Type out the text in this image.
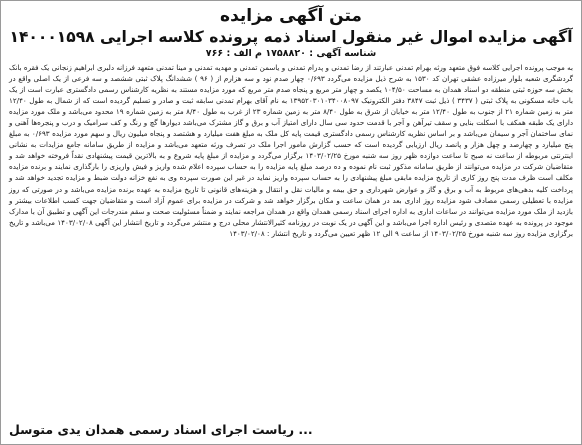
متن آگهی مزایده
آگهی مزایده اموال غیر منقول اسناد ذمه پرونده کلاسه اجرایی ۱۴۰۰۰۱۵۹۸
شناسه آگهی : ۱۷۵۸۸۲۰ م الف : ۷۶۶

به موجب پرونده اجرایی کلاسه فوق متعهد ورثه بهرام تمدنی عبارتند از رضا تمدنی و پدرام تمدنی و یاسمن تمدنی و مهدیه تمدنی و مینا تمدنی متعهد فرزانه دلبری ابراهیم زنجانی یک فقره بانک گردشگری شعبه بلوار میرزاده عشقی تهران کد ۱۵۳۰ به شرح ذیل مزایده می‌گردد ۰/۶۹۳ چهار صدم نود و سه هزارم از ( ۹۶ ) ششدانگ پلاک ثبتی ششصد و سه فرعی از یک اصلی واقع در بخش سه حوزه ثبتی منطقه دو اسناد همدان به مساحت ۱۰۴/۵۰ یکصد و چهار متر مربع و پنجاه صدم متر مربع که مورد مزایده مستند به نظریه کارشناس رسمی دادگستری عبارت است از یک باب خانه مسکونی به پلاک ثبتی ( ۳۴۳۷ ) ذیل ثبت ۳۸۴۷ دفتر الکترونیک ۱۳۹۵۲۰۳۰۱۰۳۴۰۰۸۰۹۷ به نام آقای بهرام تمدنی سابقه ثبت و صادر و تسلیم گردیده است که از شمال به طول ۱۲/۴۰ متر به زمین شماره ۲۱ از جنوب به طول ۱۲/۴۰ متر به خیابان از شرق به طول ۸/۴۰ متر به زمین شماره ۲۳ از غرب به طول ۸/۴۰ متر به زمین شماره ۱۹ محدود می‌باشد و ملک مورد مزایده دارای یک طبقه همکف با اسکلت بنایی و سقف تیرآهن و آجر با قدمت حدود سی سال دارای امتیاز آب و برق و گاز مشترک می‌باشد دیوارها گچ و رنگ و کف سرامیک و درب و پنجره‌ها آهنی و نمای ساختمان آجر و سیمان می‌باشد و بر اساس نظریه کارشناس رسمی دادگستری قیمت پایه کل ملک به مبلغ هفت میلیارد و هشتصد و پنجاه میلیون ریال و سهم مورد مزایده ۰/۶۹۳ به مبلغ پنج میلیارد و چهارصد و چهل هزار و پانصد ریال ارزیابی گردیده است که حسب گزارش مامور اجرا ملک در تصرف ورثه متعهد می‌باشد و مزایده از طریق سامانه جامع مزایدات به نشانی اینترنتی مربوطه از ساعت نه صبح تا ساعت دوازده ظهر روز سه شنبه مورخ ۱۴۰۳/۰۲/۲۵ برگزار می‌گردد و مزایده از مبلغ پایه شروع و به بالاترین قیمت پیشنهادی نقداً فروخته خواهد شد و متقاضیان شرکت در مزایده می‌توانند از طریق سامانه مذکور ثبت نام نموده و ده درصد مبلغ پایه مزایده را به حساب سپرده اعلام شده واریز و فیش واریزی را بارگذاری نمایند و برنده مزایده مکلف است ظرف مدت پنج روز کاری از تاریخ مزایده مابقی مبلغ پیشنهادی را به حساب سپرده واریز نماید در غیر این صورت سپرده وی به نفع خزانه دولت ضبط و مزایده تجدید خواهد شد و پرداخت کلیه بدهی‌های مربوط به آب و برق و گاز و عوارض شهرداری و حق بیمه و مالیات نقل و انتقال و هزینه‌های قانونی تا تاریخ مزایده به عهده برنده مزایده می‌باشد و در صورتی که روز مزایده با تعطیلی رسمی مصادف شود مزایده روز اداری بعد در همان ساعت و مکان برگزار خواهد شد و شرکت در مزایده برای عموم آزاد است و متقاضیان جهت کسب اطلاعات بیشتر و بازدید از ملک مورد مزایده می‌توانند در ساعات اداری به اداره اجرای اسناد رسمی همدان واقع در همدان مراجعه نمایند و ضمناً مسئولیت صحت و سقم مندرجات این آگهی و تطبیق آن با مدارک موجود در پرونده به عهده متصدی و رئیس اداره اجرا می‌باشد و این آگهی در یک نوبت در روزنامه کثیرالانتشار محلی درج و منتشر می‌گردد و تاریخ انتشار این آگهی ۱۴۰۳/۰۲/۰۸ می‌باشد و تاریخ برگزاری مزایده روز سه شنبه مورخ ۱۴۰۳/۰۲/۲۵ از ساعت ۹ الی ۱۲ ظهر تعیین می‌گردد و تاریخ انتشار : ۱۴۰۳/۰۲/۰۸

... ریاست اجرای اسناد رسمی همدان یدی متوسل
